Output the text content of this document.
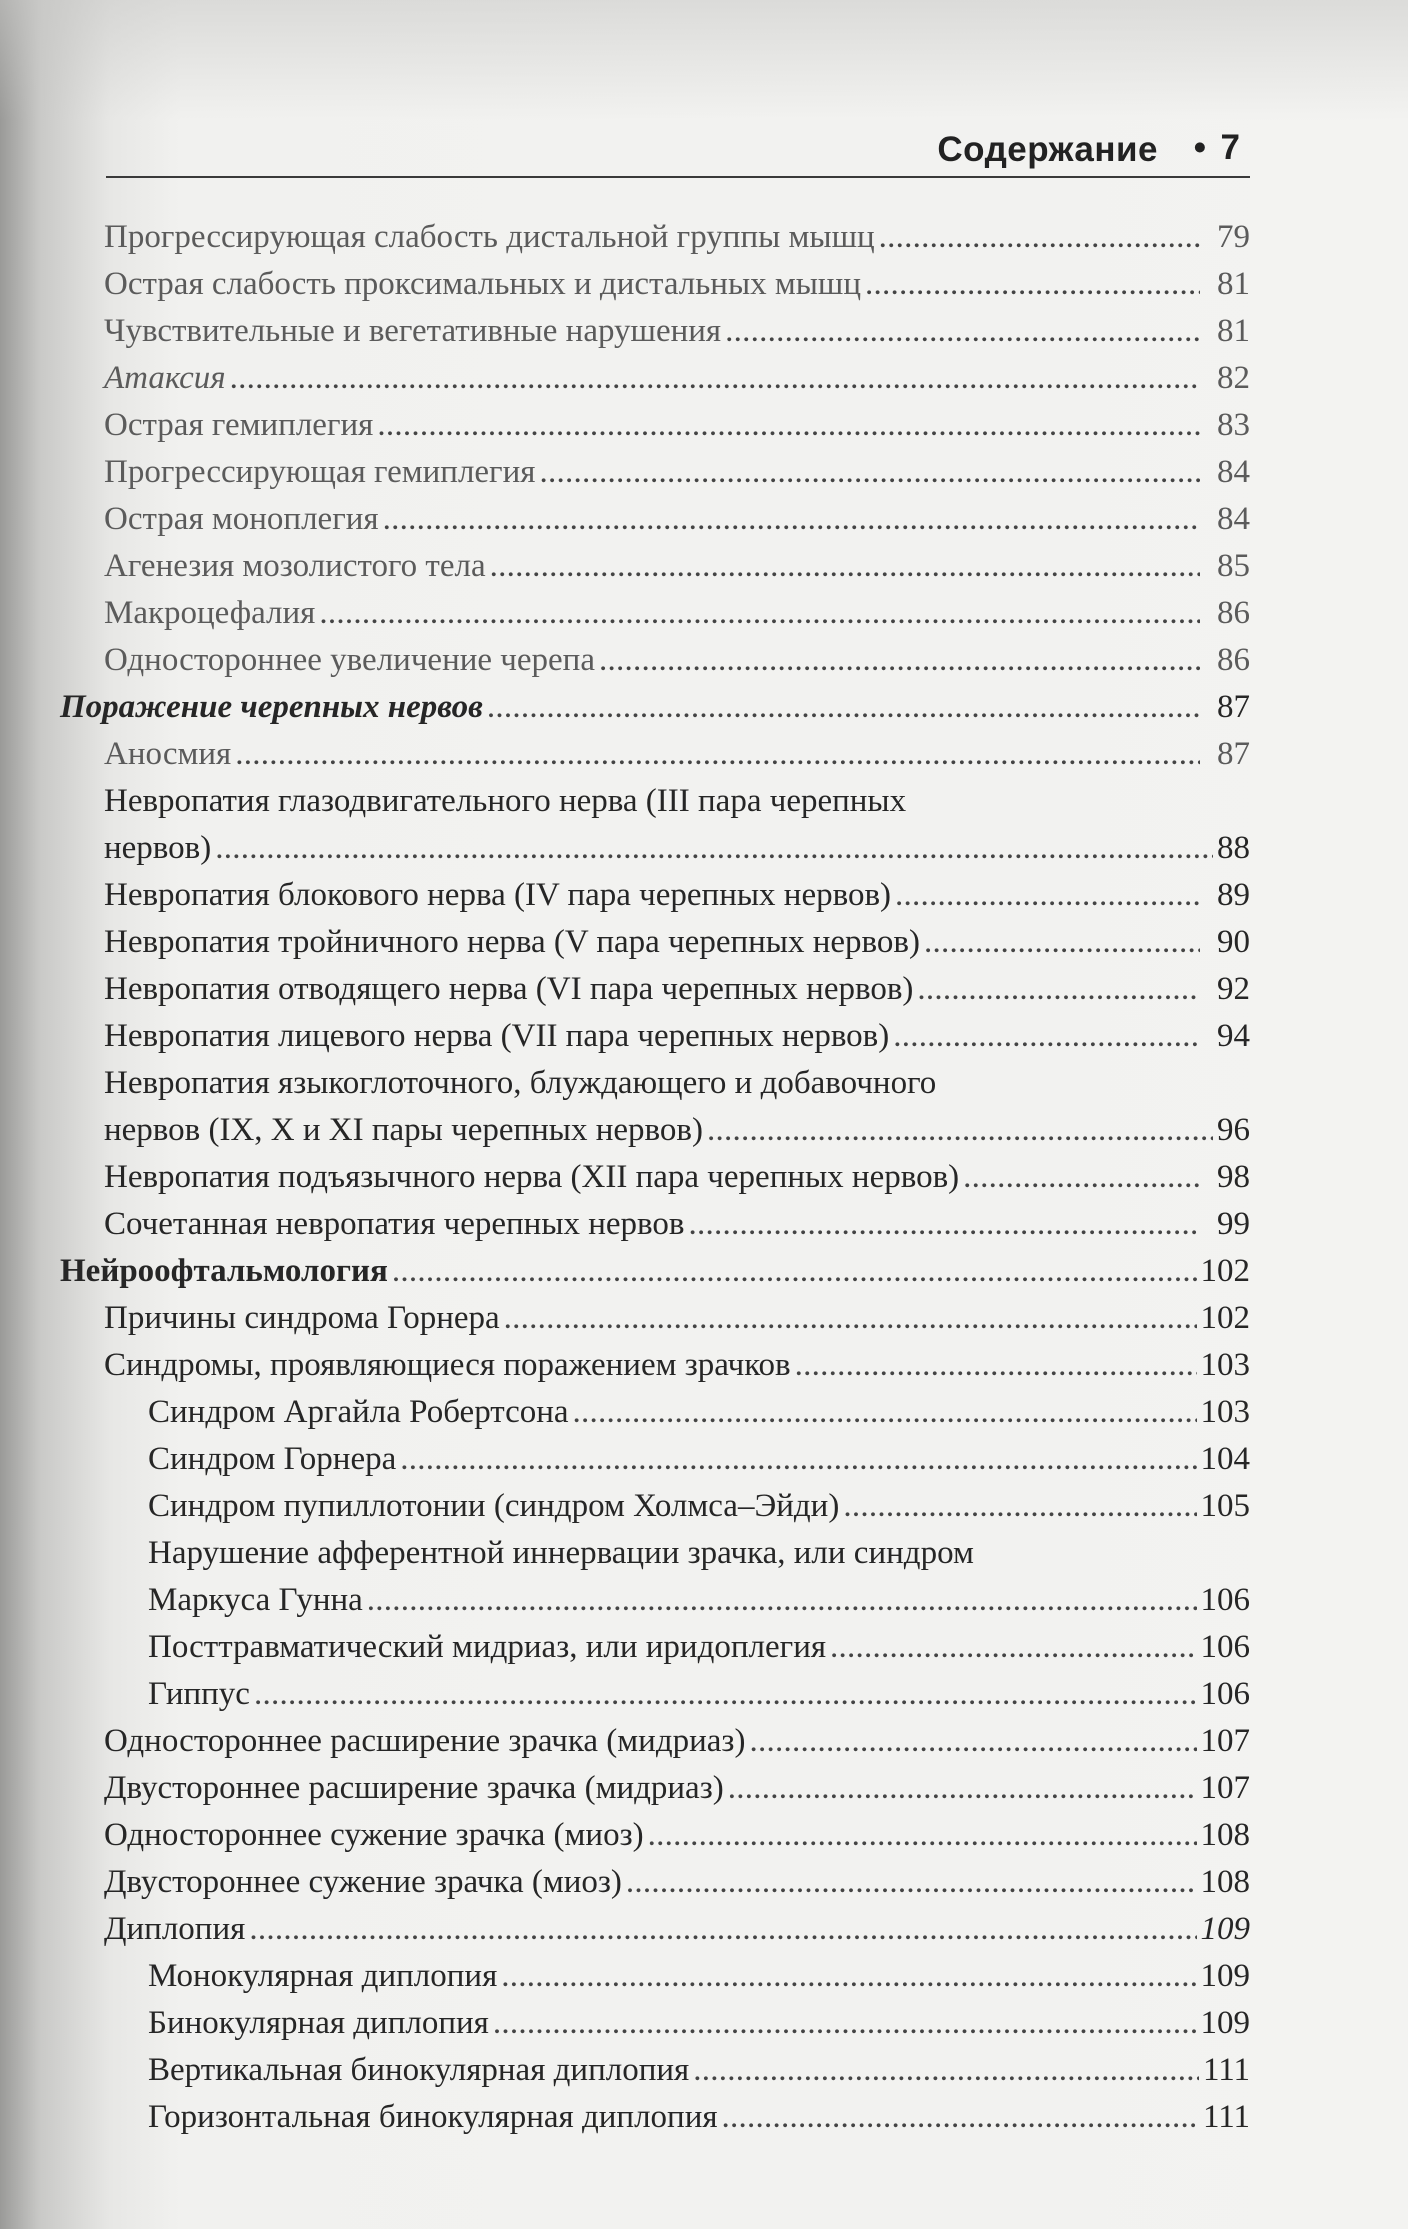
Содержание • 7
Прогрессирующая слабость дистальной группы мышц . . .	79
Острая слабость проксимальных и дистальных мышц . . .	81
Чувствительные и вегетативные нарушения . . .	81
Атаксия . . .	82
Острая гемиплегия . . .	83
Прогрессирующая гемиплегия . . .	84
Острая моноплегия . . .	84
Агенезия мозолистого тела . . .	85
Макроцефалия . . .	86
Одностороннее увеличение черепа . . .	86
Поражение черепных нервов . . .	87
Аносмия . . .	87
Невропатия глазодвигательного нерва (III пара черепных
нервов) . . .	88
Невропатия блокового нерва (IV пара черепных нервов) . . .	89
Невропатия тройничного нерва (V пара черепных нервов) . . .	90
Невропатия отводящего нерва (VI пара черепных нервов) . . .	92
Невропатия лицевого нерва (VII пара черепных нервов) . . .	94
Невропатия языкоглоточного, блуждающего и добавочного
нервов (IX, X и XI пары черепных нервов) . . .	96
Невропатия подъязычного нерва (XII пара черепных нервов) . . .	98
Сочетанная невропатия черепных нервов . . .	99
Нейроофтальмология . . .	102
Причины синдрома Горнера . . .	102
Синдромы, проявляющиеся поражением зрачков . . .	103
Синдром Аргайла Робертсона . . .	103
Синдром Горнера . . .	104
Синдром пупиллотонии (синдром Холмса–Эйди) . . .	105
Нарушение афферентной иннервации зрачка, или синдром
Маркуса Гунна . . .	106
Посттравматический мидриаз, или иридоплегия . . .	106
Гиппус . . .	106
Одностороннее расширение зрачка (мидриаз) . . .	107
Двустороннее расширение зрачка (мидриаз) . . .	107
Одностороннее сужение зрачка (миоз) . . .	108
Двустороннее сужение зрачка (миоз) . . .	108
Диплопия . . .	109
Монокулярная диплопия . . .	109
Бинокулярная диплопия . . .	109
Вертикальная бинокулярная диплопия . . .	111
Горизонтальная бинокулярная диплопия . . .	111
